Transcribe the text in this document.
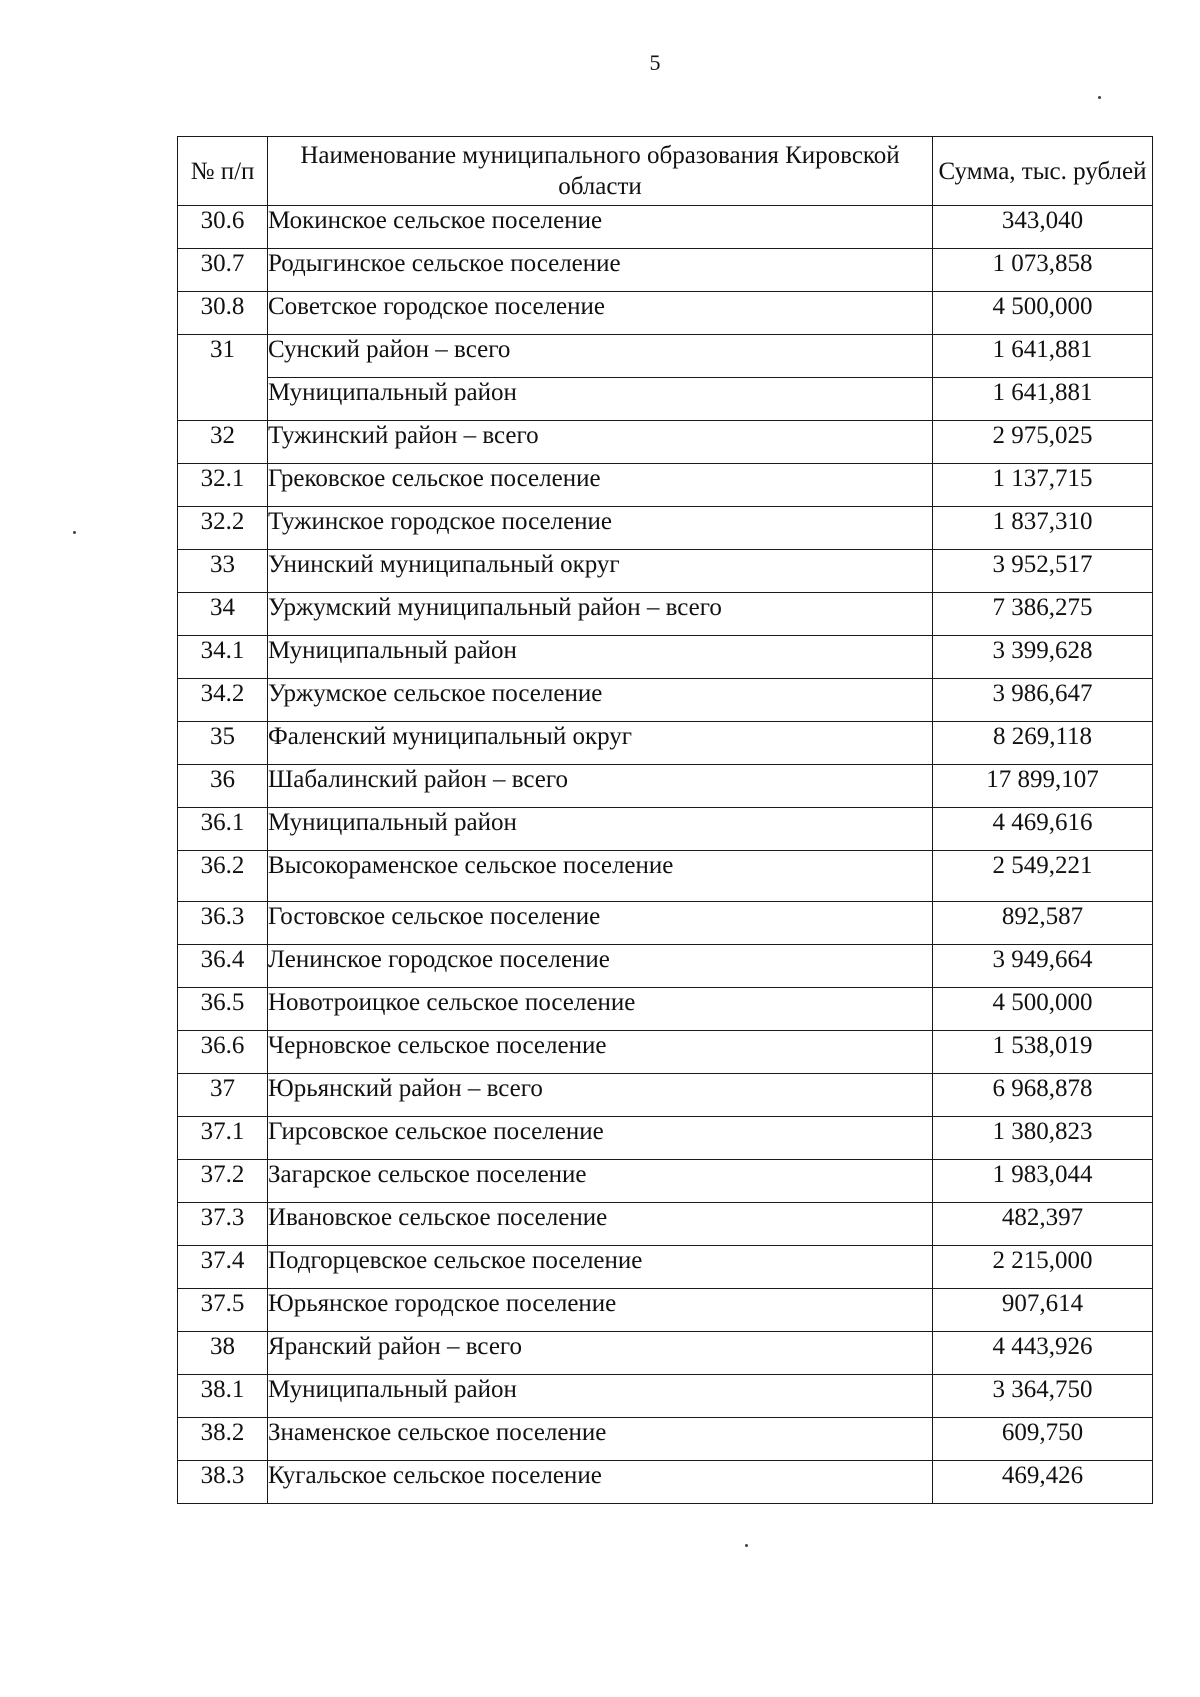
5
№ п/п	Наименование муниципального образования Кировской области	Сумма, тыс. рублей
30.6	Мокинское сельское поселение	343,040
30.7	Родыгинское сельское поселение	1 073,858
30.8	Советское городское поселение	4 500,000
31	Сунский район – всего	1 641,881
	Муниципальный район	1 641,881
32	Тужинский район – всего	2 975,025
32.1	Грековское сельское поселение	1 137,715
32.2	Тужинское городское поселение	1 837,310
33	Унинский муниципальный округ	3 952,517
34	Уржумский муниципальный район – всего	7 386,275
34.1	Муниципальный район	3 399,628
34.2	Уржумское сельское поселение	3 986,647
35	Фаленский муниципальный округ	8 269,118
36	Шабалинский район – всего	17 899,107
36.1	Муниципальный район	4 469,616
36.2	Высокораменское сельское поселение	2 549,221
36.3	Гостовское сельское поселение	892,587
36.4	Ленинское городское поселение	3 949,664
36.5	Новотроицкое сельское поселение	4 500,000
36.6	Черновское сельское поселение	1 538,019
37	Юрьянский район – всего	6 968,878
37.1	Гирсовское сельское поселение	1 380,823
37.2	Загарское сельское поселение	1 983,044
37.3	Ивановское сельское поселение	482,397
37.4	Подгорцевское сельское поселение	2 215,000
37.5	Юрьянское городское поселение	907,614
38	Яранский район – всего	4 443,926
38.1	Муниципальный район	3 364,750
38.2	Знаменское сельское поселение	609,750
38.3	Кугальское сельское поселение	469,426
